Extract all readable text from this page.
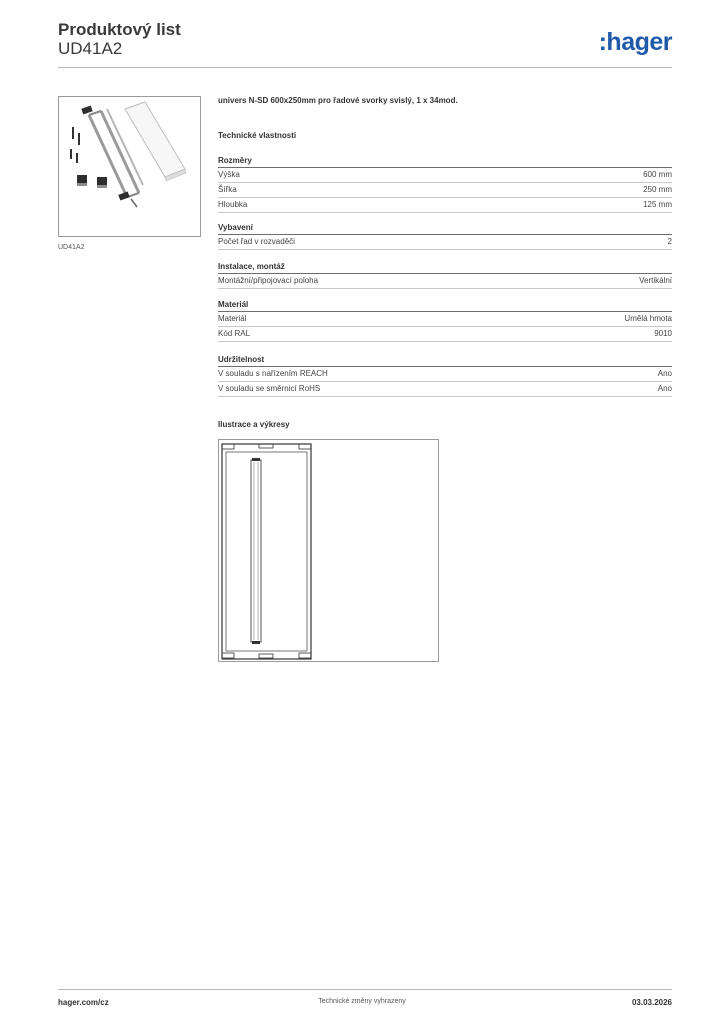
Produktový list
UD41A2	:hager
UD41A2
univers N-SD 600x250mm pro řadové svorky svislý, 1 x 34mod.
Technické vlastnosti
Rozměry
Výška	600 mm
Šířka	250 mm
Hloubka	125 mm
Vybavení
Počet řad v rozvaděči	2
Instalace, montáž
Montážní/připojovací poloha	Vertikální
Materiál
Materiál	Umělá hmota
Kód RAL	9010
Udržitelnost
V souladu s nařízením REACH	Ano
V souladu se směrnicí RoHS	Ano
Ilustrace a výkresy
Technické změny vyhrazeny
hager.com/cz	03.03.2026
